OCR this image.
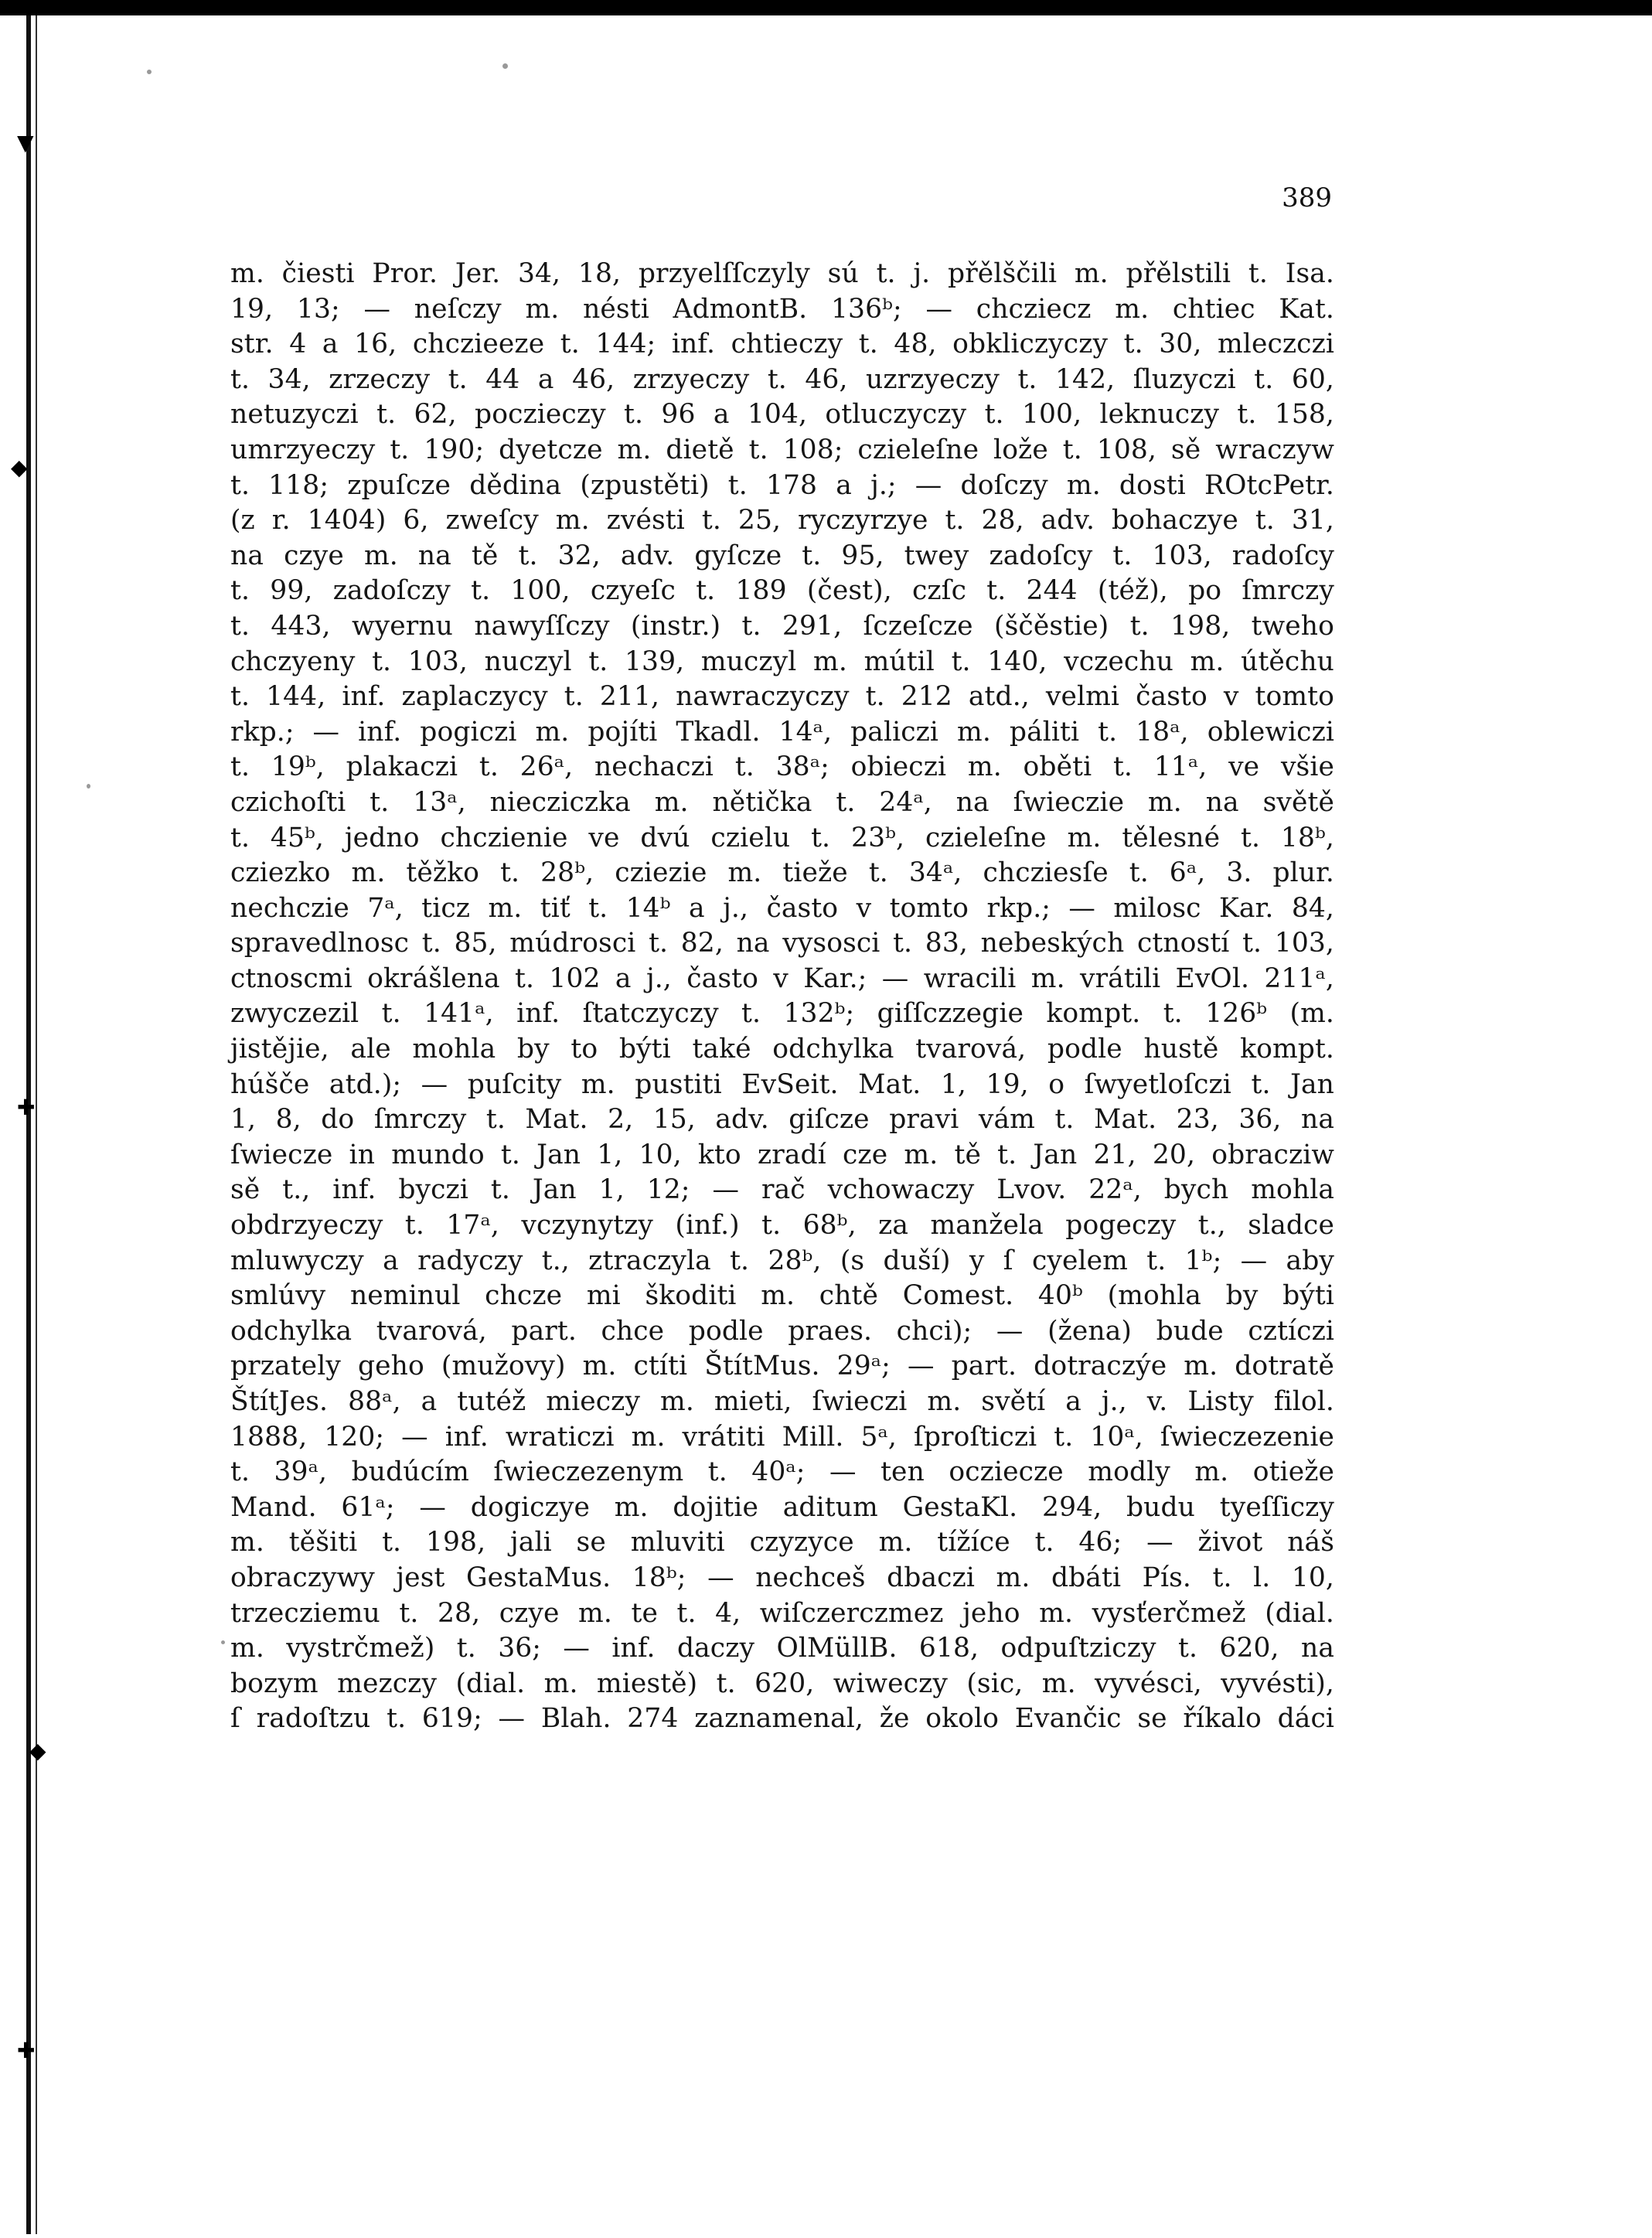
▼
◆
✚
◆
✚
389
m. čiesti Pror. Jer. 34, 18, przyelſſczyly sú t. j. přělščili m. přělstili t. Isa.
19, 13; — neſczy m. nésti AdmontB. 136ᵇ; — chcziecz m. chtiec Kat.
str. 4 a 16, chczieeze t. 144; inf. chtieczy t. 48, obkliczyczy t. 30, mleczczi
t. 34, zrzeczy t. 44 a 46, zrzyeczy t. 46, uzrzyeczy t. 142, ſluzyczi t. 60,
netuzyczi t. 62, poczieczy t. 96 a 104, otluczyczy t. 100, leknuczy t. 158,
umrzyeczy t. 190; dyetcze m. dietě t. 108; czieleſne lože t. 108, sě wraczyw
t. 118; zpuſcze dědina (zpustěti) t. 178 a j.; — doſczy m. dosti ROtcPetr.
(z r. 1404) 6, zweſcy m. zvésti t. 25, ryczyrzye t. 28, adv. bohaczye t. 31,
na czye m. na tě t. 32, adv. gyſcze t. 95, twey zadoſcy t. 103, radoſcy
t. 99, zadoſczy t. 100, czyeſc t. 189 (čest), czſc t. 244 (též), po ſmrczy
t. 443, wyernu nawyſſczy (instr.) t. 291, ſczeſcze (ščěstie) t. 198, tweho
chczyeny t. 103, nuczyl t. 139, muczyl m. mútil t. 140, vczechu m. útěchu
t. 144, inf. zaplaczycy t. 211, nawraczyczy t. 212 atd., velmi často v tomto
rkp.; — inf. pogiczi m. pojíti Tkadl. 14ᵃ, paliczi m. páliti t. 18ᵃ, oblewiczi
t. 19ᵇ, plakaczi t. 26ᵃ, nechaczi t. 38ᵃ; obieczi m. oběti t. 11ᵃ, ve všie
czichoſti t. 13ᵃ, niecziczka m. nětička t. 24ᵃ, na ſwieczie m. na světě
t. 45ᵇ, jedno chczienie ve dvú czielu t. 23ᵇ, czieleſne m. tělesné t. 18ᵇ,
cziezko m. těžko t. 28ᵇ, cziezie m. tieže t. 34ᵃ, chcziesſe t. 6ᵃ, 3. plur.
nechczie 7ᵃ, ticz m. tiť t. 14ᵇ a j., často v tomto rkp.; — milosc Kar. 84,
spravedlnosc t. 85, múdrosci t. 82, na vysosci t. 83, nebeských ctností t. 103,
ctnoscmi okrášlena t. 102 a j., často v Kar.; — wracili m. vrátili EvOl. 211ᵃ,
zwyczezil t. 141ᵃ, inf. ſtatczyczy t. 132ᵇ; giſſczzegie kompt. t. 126ᵇ (m.
jistějie, ale mohla by to býti také odchylka tvarová, podle hustě kompt.
húšče atd.); — puſcity m. pustiti EvSeit. Mat. 1, 19, o ſwyetloſczi t. Jan
1, 8, do ſmrczy t. Mat. 2, 15, adv. giſcze pravi vám t. Mat. 23, 36, na
ſwiecze in mundo t. Jan 1, 10, kto zradí cze m. tě t. Jan 21, 20, obracziw
sě t., inf. byczi t. Jan 1, 12; — rač vchowaczy Lvov. 22ᵃ, bych mohla
obdrzyeczy t. 17ᵃ, vczynytzy (inf.) t. 68ᵇ, za manžela pogeczy t., sladce
mluwyczy a radyczy t., ztraczyla t. 28ᵇ, (s duší) y ſ cyelem t. 1ᵇ; — aby
smlúvy neminul chcze mi škoditi m. chtě Comest. 40ᵇ (mohla by býti
odchylka tvarová, part. chce podle praes. chci); — (žena) bude cztíczi
przately geho (mužovy) m. ctíti ŠtítMus. 29ᵃ; — part. dotraczýe m. dotratě
ŠtítJes. 88ᵃ, a tutéž mieczy m. mieti, ſwieczi m. světí a j., v. Listy filol.
1888, 120; — inf. wraticzi m. vrátiti Mill. 5ᵃ, ſproſticzi t. 10ᵃ, ſwieczezenie
t. 39ᵃ, budúcím ſwieczezenym t. 40ᵃ; — ten ocziecze modly m. otieže
Mand. 61ᵃ; — dogiczye m. dojitie aditum GestaKl. 294, budu tyeſſiczy
m. těšiti t. 198, jali se mluviti czyzyce m. tížíce t. 46; — život náš
obraczywy jest GestaMus. 18ᵇ; — nechceš dbaczi m. dbáti Pís. t. l. 10,
trzecziemu t. 28, czye m. te t. 4, wiſczerczmez jeho m. vysťerčmež (dial.
m. vystrčmež) t. 36; — inf. daczy OlMüllB. 618, odpuſtziczy t. 620, na
bozym mezczy (dial. m. miestě) t. 620, wiweczy (sic, m. vyvésci, vyvésti),
ſ radoſtzu t. 619; — Blah. 274 zaznamenal, že okolo Evančic se říkalo dáci
